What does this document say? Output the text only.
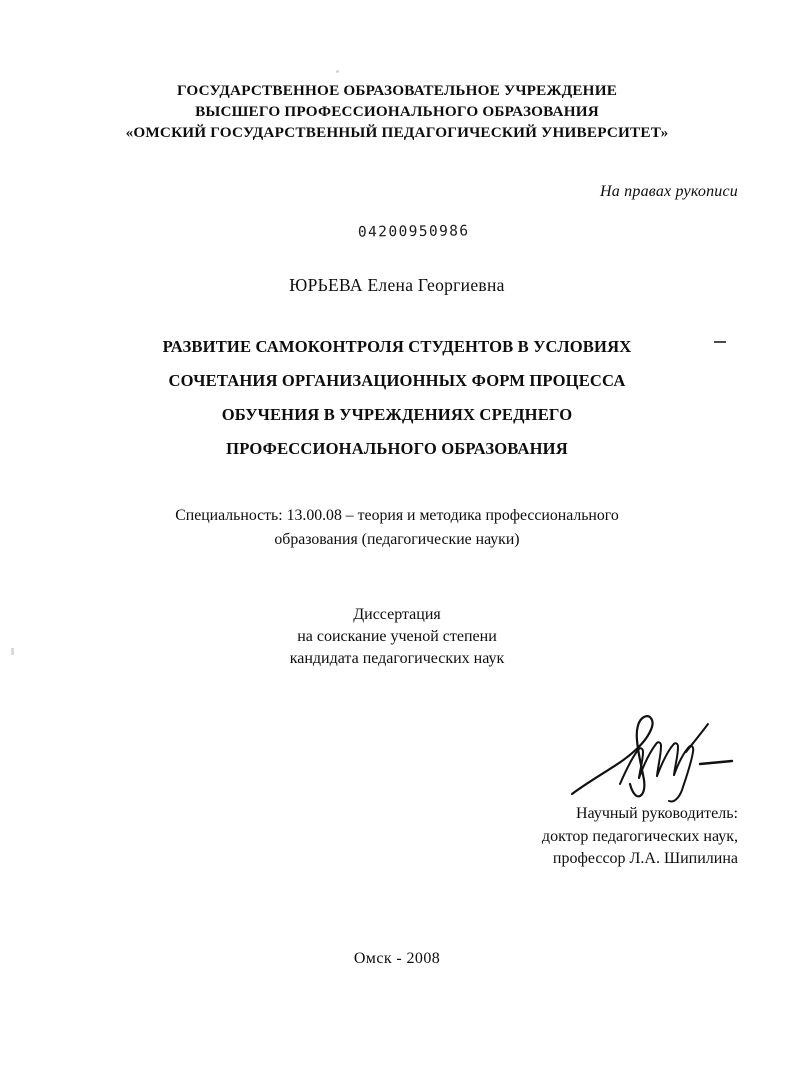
ГОСУДАРСТВЕННОЕ ОБРАЗОВАТЕЛЬНОЕ УЧРЕЖДЕНИЕ
ВЫСШЕГО ПРОФЕССИОНАЛЬНОГО ОБРАЗОВАНИЯ
«ОМСКИЙ ГОСУДАРСТВЕННЫЙ ПЕДАГОГИЧЕСКИЙ УНИВЕРСИТЕТ»
На правах рукописи
04200950986
ЮРЬЕВА Елена Георгиевна
РАЗВИТИЕ САМОКОНТРОЛЯ СТУДЕНТОВ В УСЛОВИЯХ
СОЧЕТАНИЯ ОРГАНИЗАЦИОННЫХ ФОРМ ПРОЦЕССА
ОБУЧЕНИЯ В УЧРЕЖДЕНИЯХ СРЕДНЕГО
ПРОФЕССИОНАЛЬНОГО ОБРАЗОВАНИЯ
Специальность: 13.00.08 – теория и методика профессионального
образования (педагогические науки)
Диссертация
на соискание ученой степени
кандидата педагогических наук
Научный руководитель:
доктор педагогических наук,
профессор Л.А. Шипилина
Омск - 2008
